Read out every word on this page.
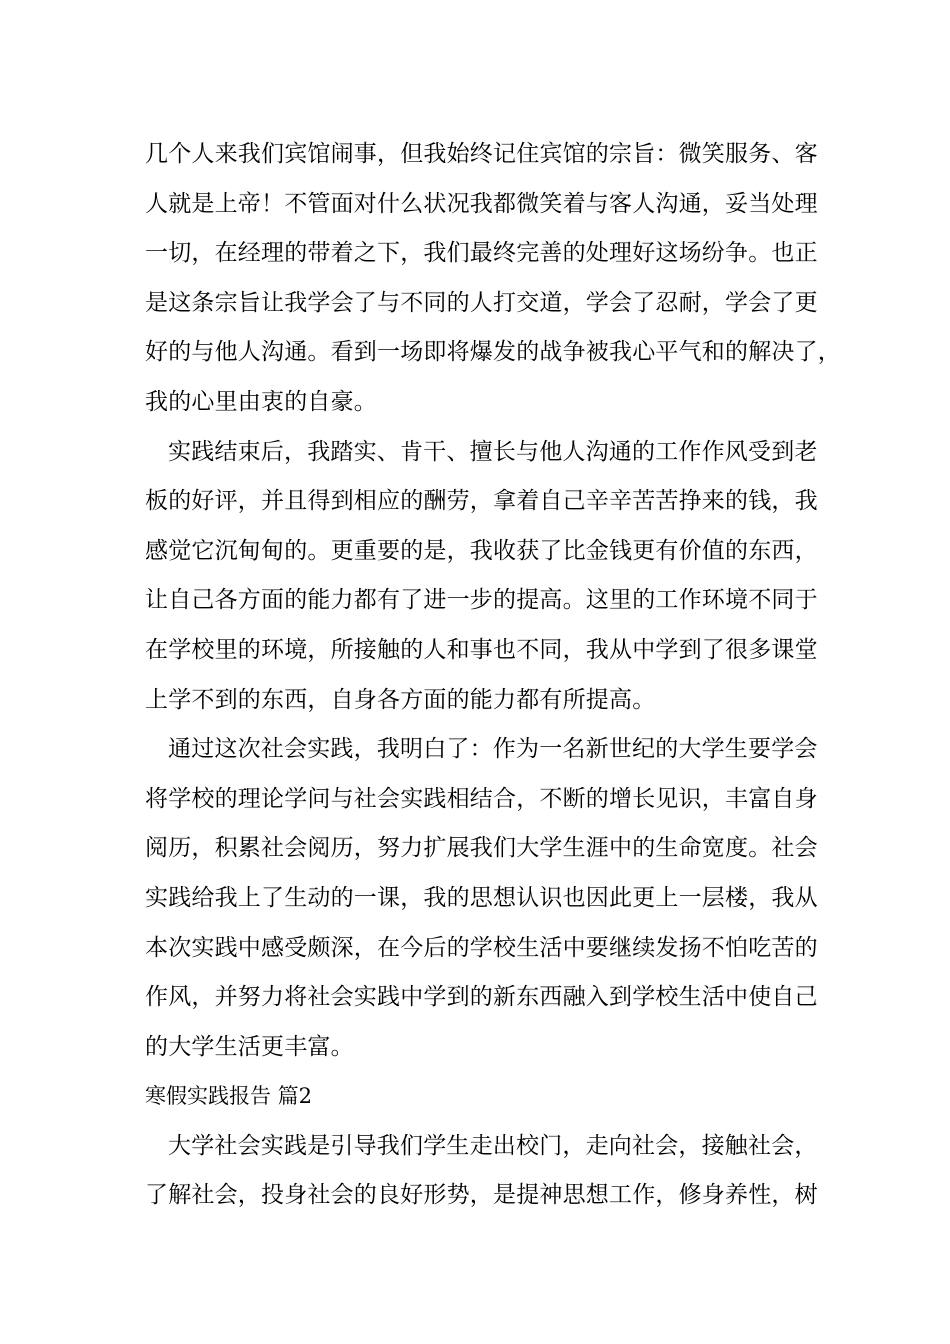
几个人来我们宾馆闹事，但我始终记住宾馆的宗旨：微笑服务、客
人就是上帝！不管面对什么状况我都微笑着与客人沟通，妥当处理
一切，在经理的带着之下，我们最终完善的处理好这场纷争。也正
是这条宗旨让我学会了与不同的人打交道，学会了忍耐，学会了更
好的与他人沟通。看到一场即将爆发的战争被我心平气和的解决了，
我的心里由衷的自豪。
实践结束后，我踏实、肯干、擅长与他人沟通的工作作风受到老
板的好评，并且得到相应的酬劳，拿着自己辛辛苦苦挣来的钱，我
感觉它沉甸甸的。更重要的是，我收获了比金钱更有价值的东西，
让自己各方面的能力都有了进一步的提高。这里的工作环境不同于
在学校里的环境，所接触的人和事也不同，我从中学到了很多课堂
上学不到的东西，自身各方面的能力都有所提高。
通过这次社会实践，我明白了：作为一名新世纪的大学生要学会
将学校的理论学问与社会实践相结合，不断的增长见识，丰富自身
阅历，积累社会阅历，努力扩展我们大学生涯中的生命宽度。社会
实践给我上了生动的一课，我的思想认识也因此更上一层楼，我从
本次实践中感受颇深，在今后的学校生活中要继续发扬不怕吃苦的
作风，并努力将社会实践中学到的新东西融入到学校生活中使自己
的大学生活更丰富。
寒假实践报告 篇2
大学社会实践是引导我们学生走出校门，走向社会，接触社会，
了解社会，投身社会的良好形势，是提神思想工作，修身养性，树
